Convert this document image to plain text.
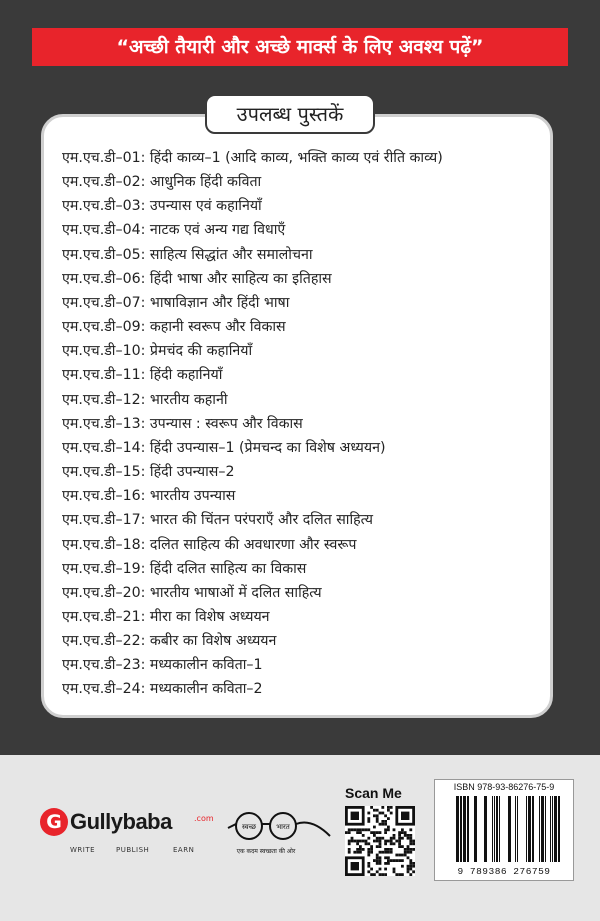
“अच्छी तैयारी और अच्छे मार्क्स के लिए अवश्य पढ़ें”
उपलब्ध पुस्तकें
एम.एच.डी–01: हिंदी काव्य–1 (आदि काव्य, भक्ति काव्य एवं रीति काव्य)
एम.एच.डी–02: आधुनिक हिंदी कविता
एम.एच.डी–03: उपन्यास एवं कहानियाँ
एम.एच.डी–04: नाटक एवं अन्य गद्य विधाएँ
एम.एच.डी–05: साहित्य सिद्धांत और समालोचना
एम.एच.डी–06: हिंदी भाषा और साहित्य का इतिहास
एम.एच.डी–07: भाषाविज्ञान और हिंदी भाषा
एम.एच.डी–09: कहानी स्वरूप और विकास
एम.एच.डी–10: प्रेमचंद की कहानियाँ
एम.एच.डी–11: हिंदी कहानियाँ
एम.एच.डी–12: भारतीय कहानी
एम.एच.डी–13: उपन्यास : स्वरूप और विकास
एम.एच.डी–14: हिंदी उपन्यास–1 (प्रेमचन्द का विशेष अध्ययन)
एम.एच.डी–15: हिंदी उपन्यास–2
एम.एच.डी–16: भारतीय उपन्यास
एम.एच.डी–17: भारत की चिंतन परंपराएँ और दलित साहित्य
एम.एच.डी–18: दलित साहित्य की अवधारणा और स्वरूप
एम.एच.डी–19: हिंदी दलित साहित्य का विकास
एम.एच.डी–20: भारतीय भाषाओं में दलित साहित्य
एम.एच.डी–21: मीरा का विशेष अध्ययन
एम.एच.डी–22: कबीर का विशेष अध्ययन
एम.एच.डी–23: मध्यकालीन कविता–1
एम.एच.डी–24: मध्यकालीन कविता–2
G Gullybaba	.com
WRITE	PUBLISH	EARN
स्वच्छ	भारत
एक कदम स्वच्छता की ओर
Scan Me	ISBN 978-93-86276-75-9
9 789386 276759
